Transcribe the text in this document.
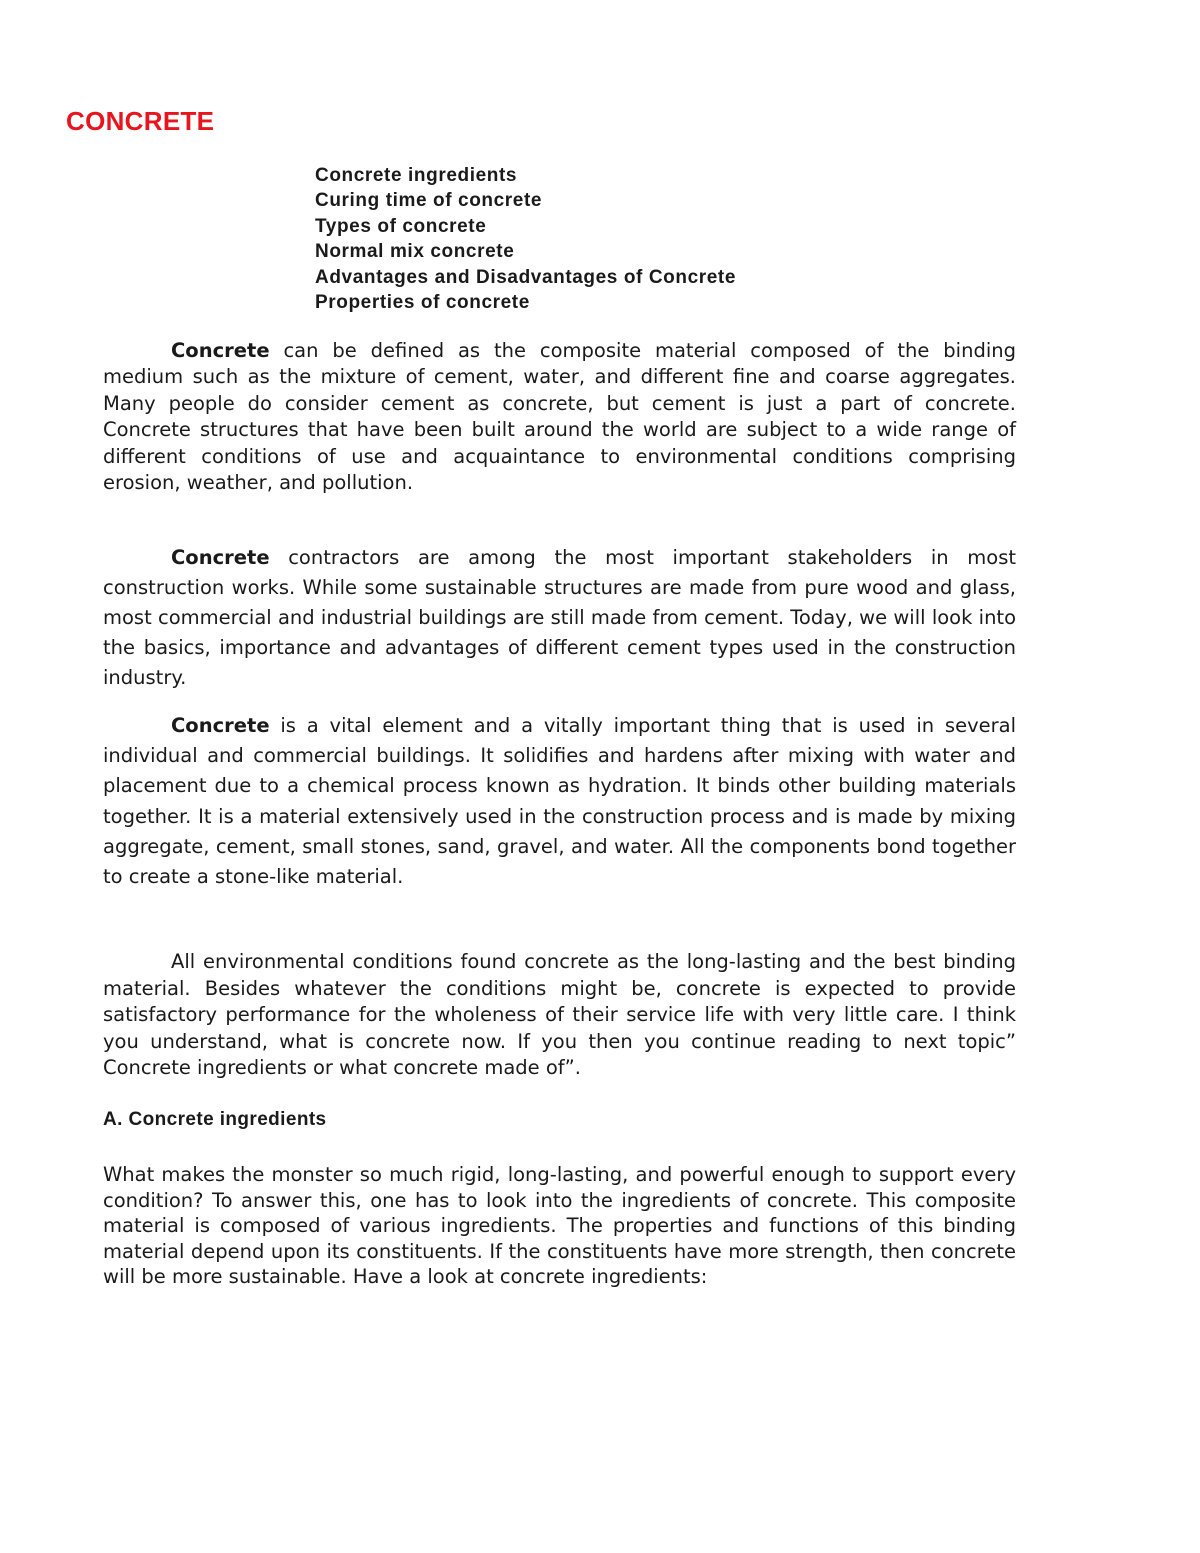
CONCRETE
Concrete ingredients
Curing time of concrete
Types of concrete
Normal mix concrete
Advantages and Disadvantages of Concrete
Properties of concrete

Concrete can be defined as the composite material composed of the binding medium such as the mixture of cement, water, and different fine and coarse aggregates. Many people do consider cement as concrete, but cement is just a part of concrete. Concrete structures that have been built around the world are subject to a wide range of different conditions of use and acquaintance to environmental conditions comprising erosion, weather, and pollution.

Concrete contractors are among the most important stakeholders in most construction works. While some sustainable structures are made from pure wood and glass, most commercial and industrial buildings are still made from cement. Today, we will look into the basics, importance and advantages of different cement types used in the construction industry.

Concrete is a vital element and a vitally important thing that is used in several individual and commercial buildings. It solidifies and hardens after mixing with water and placement due to a chemical process known as hydration. It binds other building materials together. It is a material extensively used in the construction process and is made by mixing aggregate, cement, small stones, sand, gravel, and water. All the components bond together to create a stone-like material.

All environmental conditions found concrete as the long-lasting and the best binding material. Besides whatever the conditions might be, concrete is expected to provide satisfactory performance for the wholeness of their service life with very little care. I think you understand, what is concrete now. If you then you continue reading to next topic” Concrete ingredients or what concrete made of”.

A. Concrete ingredients

What makes the monster so much rigid, long-lasting, and powerful enough to support every condition? To answer this, one has to look into the ingredients of concrete. This composite material is composed of various ingredients. The properties and functions of this binding material depend upon its constituents. If the constituents have more strength, then concrete will be more sustainable. Have a look at concrete ingredients:
